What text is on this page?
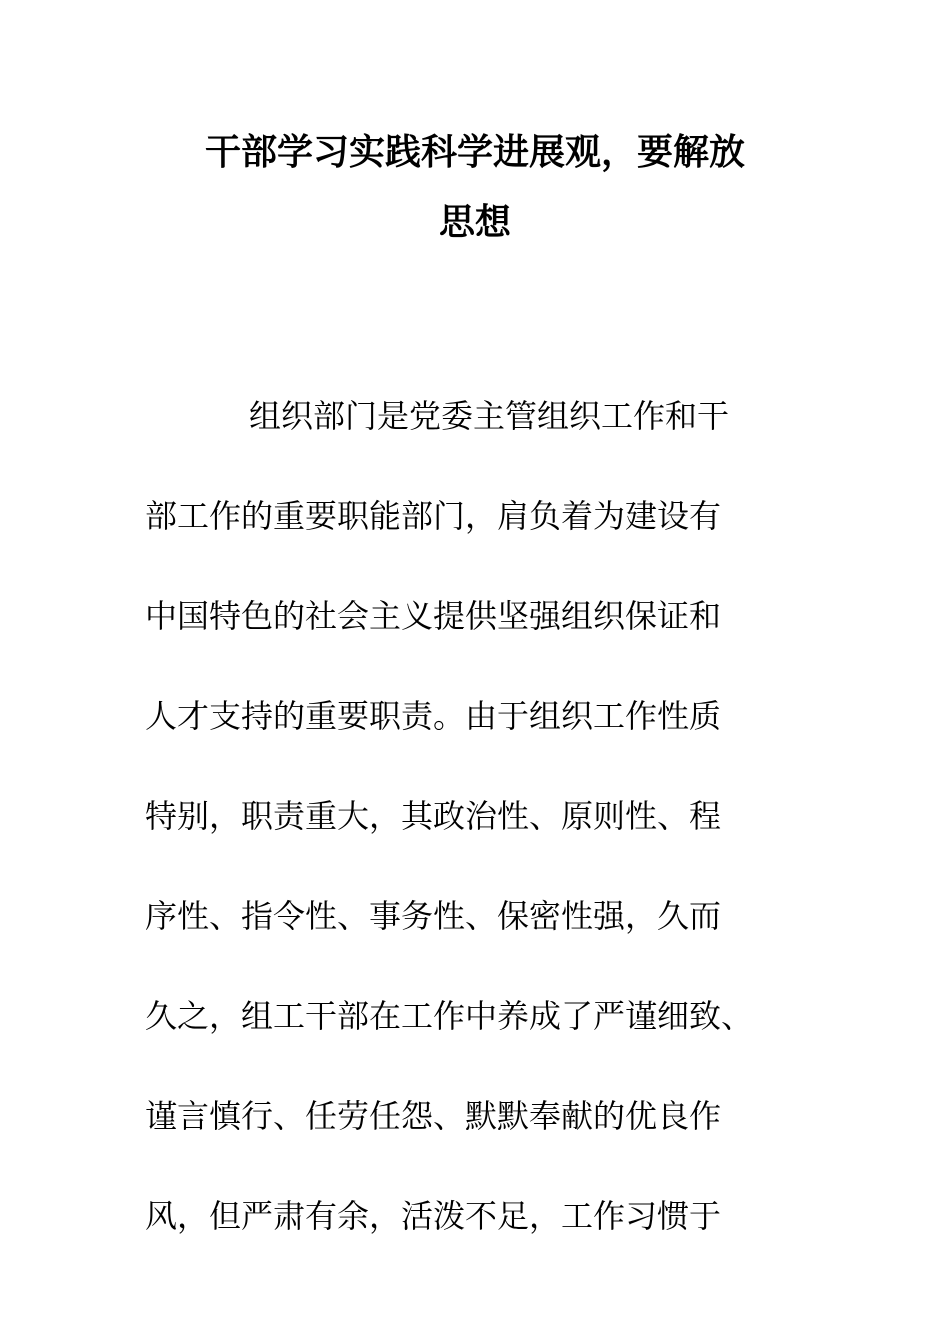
干部学习实践科学进展观，要解放
思想
组织部门是党委主管组织工作和干
部工作的重要职能部门，肩负着为建设有
中国特色的社会主义提供坚强组织保证和
人才支持的重要职责。由于组织工作性质
特别，职责重大，其政治性、原则性、程
序性、指令性、事务性、保密性强，久而
久之，组工干部在工作中养成了严谨细致、
谨言慎行、任劳任怨、默默奉献的优良作
风，但严肃有余，活泼不足，工作习惯于
